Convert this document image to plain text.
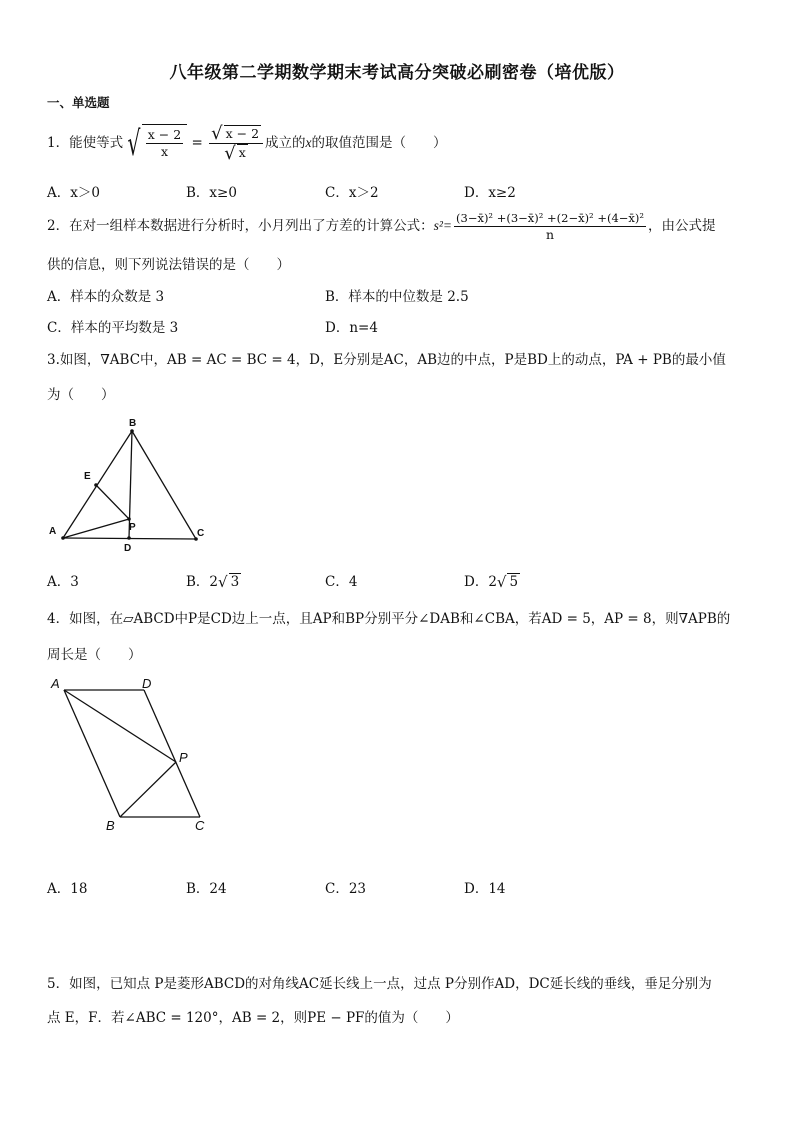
八年级第二学期数学期末考试高分突破必刷密卷（培优版）
一、单选题
1．能使等式 √ $\frac{x - 2}{x} = \frac{√ x - 2}{√ x}$ 成立的x的取值范围是（　　）
A．x＞0	B．x≥0	C．x＞2	D．x≥2
2．在对一组样本数据进行分析时，小月列出了方差的计算公式：$s^2= \frac{\text{(3−x̄)² +(3−x̄)² +(2−x̄)² +(4−x̄)²}}{n}$ ，由公式提
供的信息，则下列说法错误的是（　　）
A．样本的众数是 3	B．样本的中位数是 2.5
C．样本的平均数是 3	D．n=4
3.如图，∇ABC中，AB = AC = BC = 4，D，E分别是AC，AB边的中点，P是BD上的动点，PA + PB的最小值
为（　　）
B
E
P
A	C
D
A．3	B．2√ 3	C．4	D．2√ 5
4．如图，在▱ABCD中P是CD边上一点，且AP和BP分别平分∠DAB和∠CBA，若AD = 5，AP = 8，则∇APB的
周长是（　　）
A	D
P
B	C
A．18	B．24	C．23	D．14
5．如图，已知点 P是菱形ABCD的对角线AC延长线上一点，过点 P分别作AD，DC延长线的垂线，垂足分别为
点 E，F．若∠ABC = 120°，AB = 2，则PE − PF的值为（　　）
